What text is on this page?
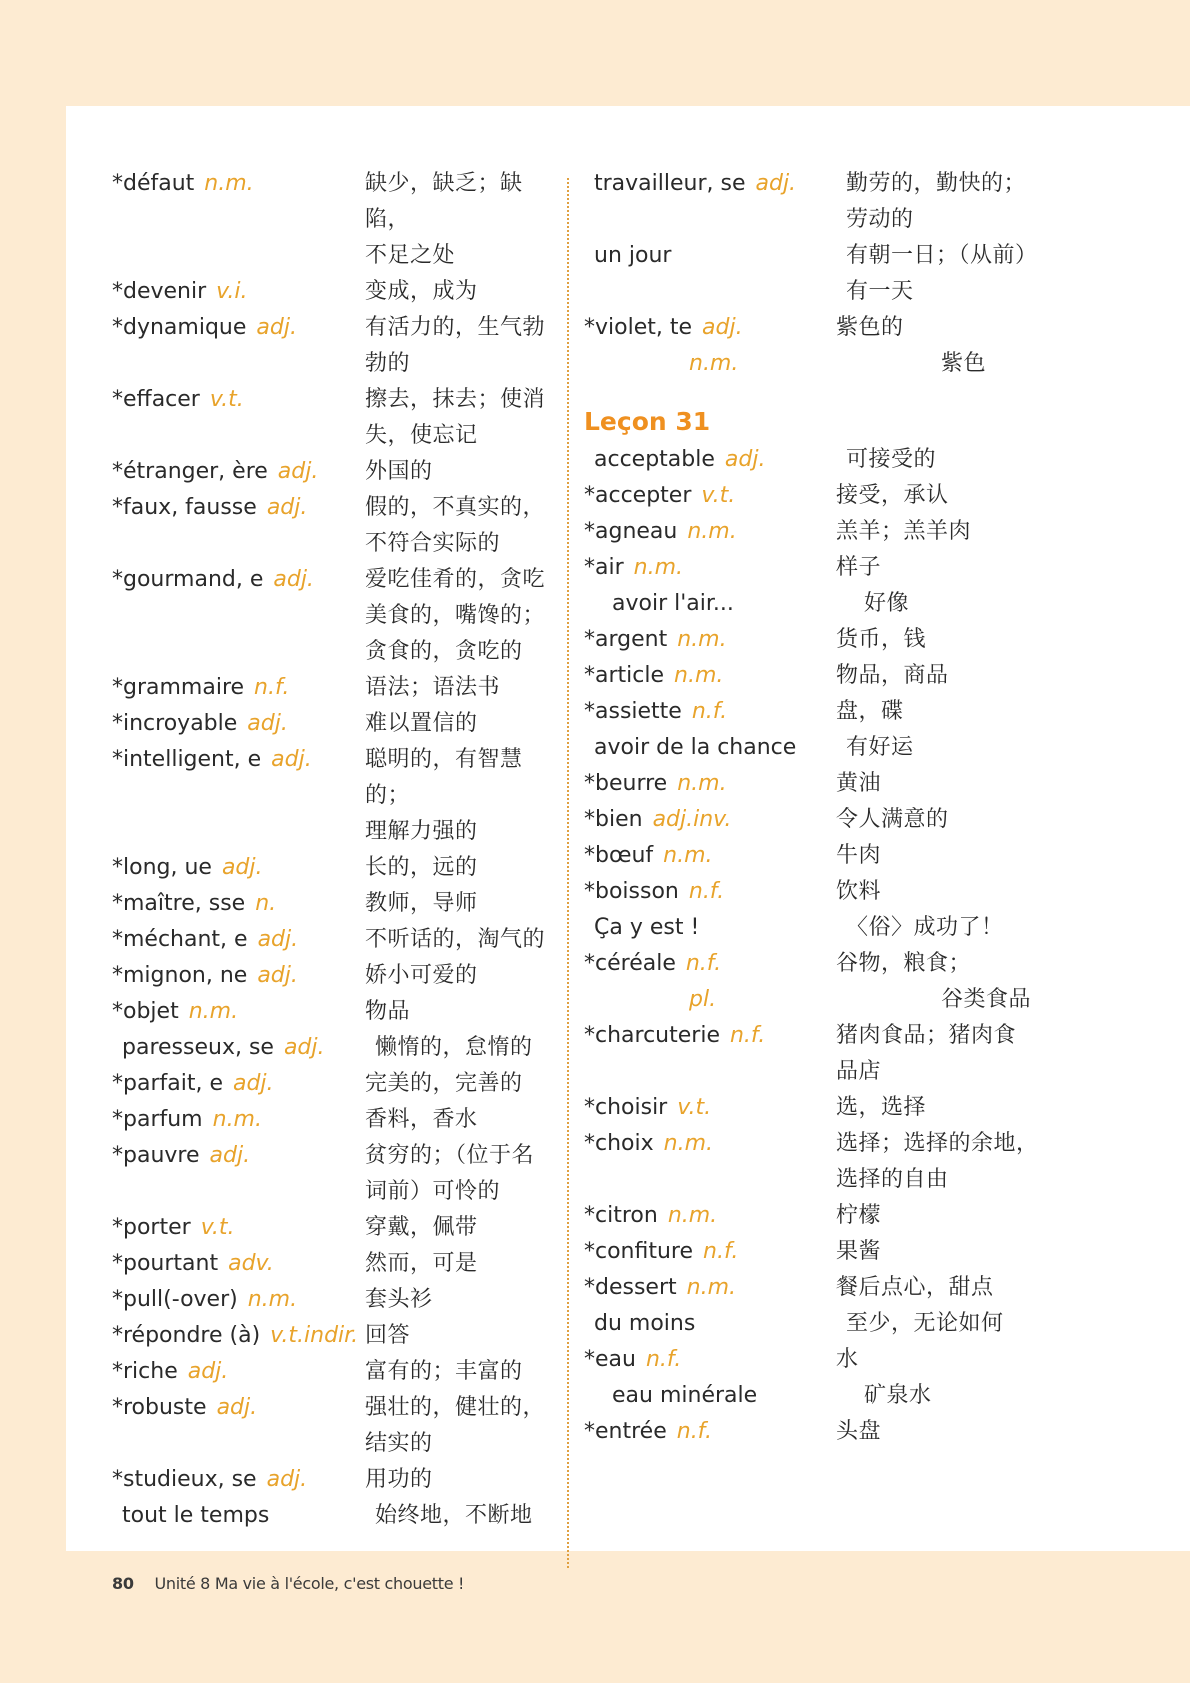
*défaut n.m.	缺少，缺乏；缺陷，
不足之处
*devenir v.i.	变成，成为
*dynamique adj.	有活力的，生气勃
勃的
*effacer v.t.	擦去，抹去；使消
失，使忘记
*étranger, ère adj.	外国的
*faux, fausse adj.	假的，不真实的，
不符合实际的
*gourmand, e adj.	爱吃佳肴的，贪吃
美食的，嘴馋的；
贪食的，贪吃的
*grammaire n.f.	语法；语法书
*incroyable adj.	难以置信的
*intelligent, e adj.	聪明的，有智慧的；
理解力强的
*long, ue adj.	长的，远的
*maître, sse n.	教师，导师
*méchant, e adj.	不听话的，淘气的
*mignon, ne adj.	娇小可爱的
*objet n.m.	物品
paresseux, se adj.	懒惰的，怠惰的
*parfait, e adj.	完美的，完善的
*parfum n.m.	香料，香水
*pauvre adj.	贫穷的；（位于名
词前）可怜的
*porter v.t.	穿戴，佩带
*pourtant adv.	然而，可是
*pull(-over) n.m.	套头衫
*répondre (à) v.t.indir. 回答
*riche adj.	富有的；丰富的
*robuste adj.	强壮的，健壮的，
结实的
*studieux, se adj.	用功的
tout le temps	始终地，不断地
travailleur, se adj.	勤劳的，勤快的；
劳动的
un jour	有朝一日；（从前）
有一天
*violet, te adj.	紫色的
n.m.	紫色
Leçon 31
acceptable adj.	可接受的
*accepter v.t.	接受，承认
*agneau n.m.	羔羊；羔羊肉
*air n.m.	样子
avoir l'air...	好像
*argent n.m.	货币，钱
*article n.m.	物品，商品
*assiette n.f.	盘，碟
avoir de la chance	有好运
*beurre n.m.	黄油
*bien adj.inv.	令人满意的
*bœuf n.m.	牛肉
*boisson n.f.	饮料
Ça y est !	〈俗〉成功了！
*céréale n.f.	谷物，粮食；
pl.	谷类食品
*charcuterie n.f.	猪肉食品；猪肉食
品店
*choisir v.t.	选，选择
*choix n.m.	选择；选择的余地，
选择的自由
*citron n.m.	柠檬
*confiture n.f.	果酱
*dessert n.m.	餐后点心，甜点
du moins	至少，无论如何
*eau n.f.	水
eau minérale	矿泉水
*entrée n.f.	头盘
80 Unité 8 Ma vie à l'école, c'est chouette !
